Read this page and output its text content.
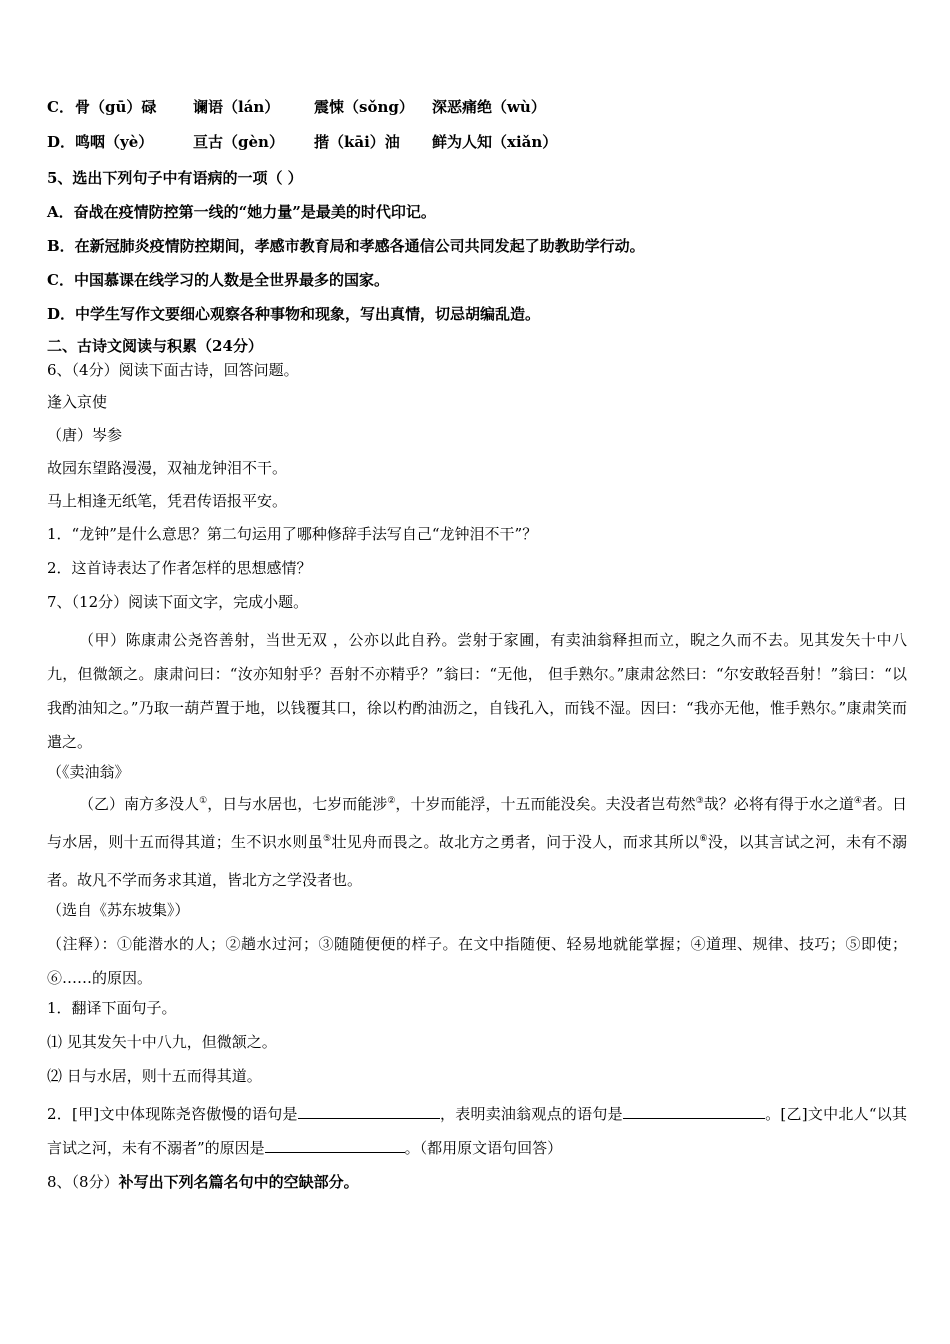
C． 骨（gū）碌	谰语（lán）	震悚（sǒng）	深恶痛绝（wù）
D． 鸣咽（yè）	亘古（gèn）	揩（kāi）油	鲜为人知（xiǎn）

5、选出下列句子中有语病的一项（ ）

A．奋战在疫情防控第一线的“她力量”是最美的时代印记。

B．在新冠肺炎疫情防控期间，孝感市教育局和孝感各通信公司共同发起了助教助学行动。

C．中国慕课在线学习的人数是全世界最多的国家。

D．中学生写作文要细心观察各种事物和现象，写出真情，切忌胡编乱造。

二、古诗文阅读与积累（24分）

6、（4分）阅读下面古诗，回答问题。

逢入京使

（唐）岑参

故园东望路漫漫，双袖龙钟泪不干。

马上相逢无纸笔，凭君传语报平安。

1．“龙钟”是什么意思？第二句运用了哪种修辞手法写自己“龙钟泪不干”？

2．这首诗表达了作者怎样的思想感情？

7、（12分）阅读下面文字，完成小题。

（甲）陈康肃公尧咨善射，当世无双 ，公亦以此自矜。尝射于家圃，有卖油翁释担而立，睨之久而不去。见其发矢十中八九，但微颔之。康肃问曰：“汝亦知射乎？吾射不亦精乎？”翁曰：“无他， 但手熟尔。”康肃忿然曰：“尔安敢轻吾射！”翁曰：“以我酌油知之。”乃取一葫芦置于地，以钱覆其口，徐以杓酌油沥之，自钱孔入，而钱不湿。因曰：“我亦无他，惟手熟尔。”康肃笑而遣之。

（《卖油翁》

（乙）南方多没人①，日与水居也，七岁而能涉②，十岁而能浮，十五而能没矣。夫没者岂苟然③哉？必将有得于水之道④者。日与水居，则十五而得其道；生不识水则虽⑤壮见舟而畏之。故北方之勇者，问于没人，而求其所以⑥没，以其言试之河，未有不溺者。故凡不学而务求其道，皆北方之学没者也。

（选自《苏东坡集》）

（注释）：①能潜水的人；②趟水过河；③随随便便的样子。在文中指随便、轻易地就能掌握；④道理、规律、技巧；⑤即使；⑥……的原因。

1．翻译下面句子。

⑴ 见其发矢十中八九，但微颔之。

⑵ 日与水居，则十五而得其道。

2．[甲]文中体现陈尧咨傲慢的语句是	，表明卖油翁观点的语句是	。[乙]文中北人“以其言试之河，未有不溺者”的原因是	。（都用原文语句回答）

8、（8分）补写出下列名篇名句中的空缺部分。
